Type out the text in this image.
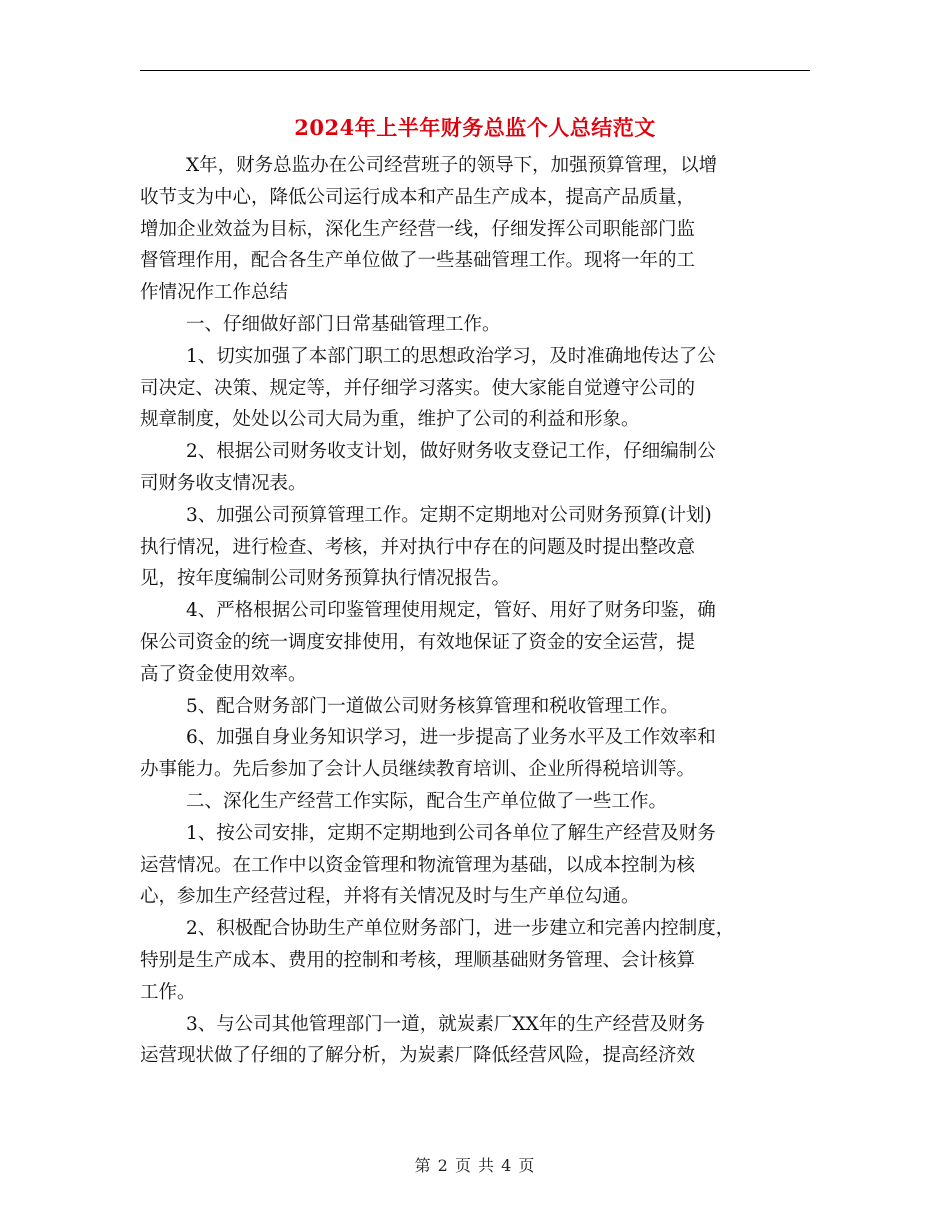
2024年上半年财务总监个人总结范文
X年，财务总监办在公司经营班子的领导下，加强预算管理，以增
收节支为中心，降低公司运行成本和产品生产成本，提高产品质量，
增加企业效益为目标，深化生产经营一线，仔细发挥公司职能部门监
督管理作用，配合各生产单位做了一些基础管理工作。现将一年的工
作情况作工作总结
一、仔细做好部门日常基础管理工作。
1、切实加强了本部门职工的思想政治学习，及时准确地传达了公
司决定、决策、规定等，并仔细学习落实。使大家能自觉遵守公司的
规章制度，处处以公司大局为重，维护了公司的利益和形象。
2、根据公司财务收支计划，做好财务收支登记工作，仔细编制公
司财务收支情况表。
3、加强公司预算管理工作。定期不定期地对公司财务预算(计划)
执行情况，进行检查、考核，并对执行中存在的问题及时提出整改意
见，按年度编制公司财务预算执行情况报告。
4、严格根据公司印鉴管理使用规定，管好、用好了财务印鉴，确
保公司资金的统一调度安排使用，有效地保证了资金的安全运营，提
高了资金使用效率。
5、配合财务部门一道做公司财务核算管理和税收管理工作。
6、加强自身业务知识学习，进一步提高了业务水平及工作效率和
办事能力。先后参加了会计人员继续教育培训、企业所得税培训等。
二、深化生产经营工作实际，配合生产单位做了一些工作。
1、按公司安排，定期不定期地到公司各单位了解生产经营及财务
运营情况。在工作中以资金管理和物流管理为基础，以成本控制为核
心，参加生产经营过程，并将有关情况及时与生产单位勾通。
2、积极配合协助生产单位财务部门，进一步建立和完善内控制度，
特别是生产成本、费用的控制和考核，理顺基础财务管理、会计核算
工作。
3、与公司其他管理部门一道，就炭素厂XX年的生产经营及财务
运营现状做了仔细的了解分析，为炭素厂降低经营风险，提高经济效
第 2 页 共 4 页
